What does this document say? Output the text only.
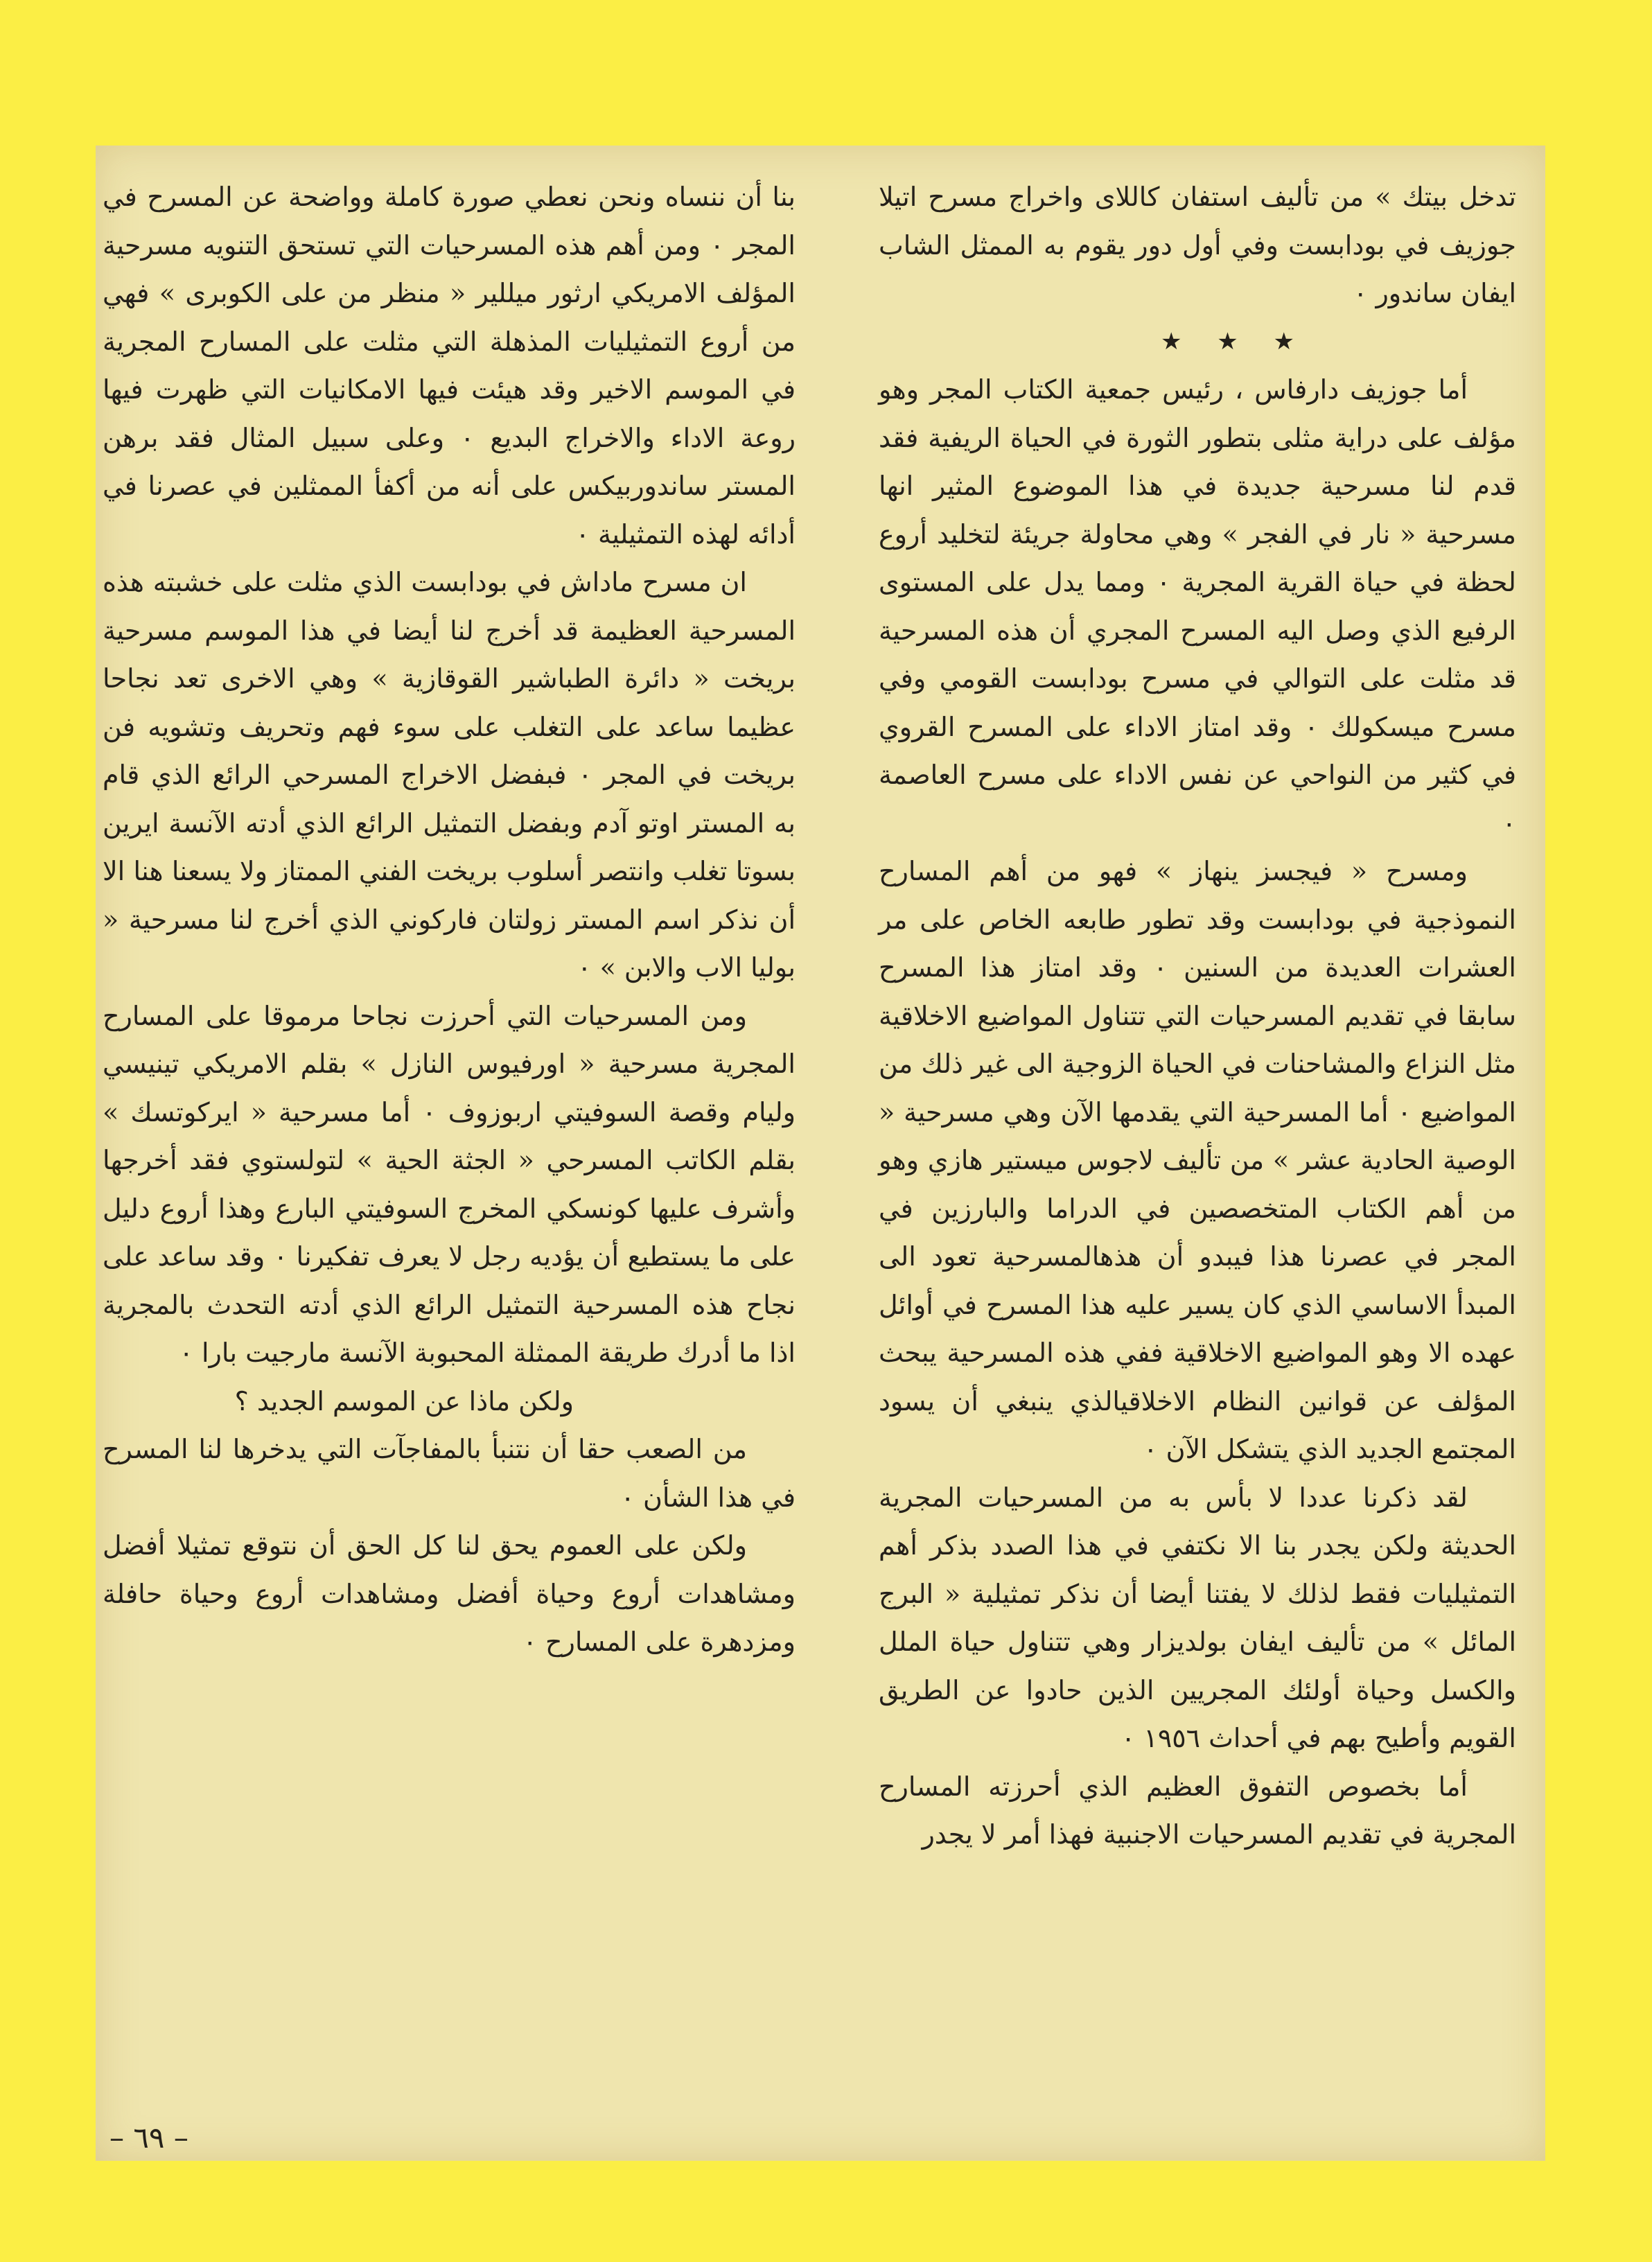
تدخل بيتك » من تأليف استفان كاللاى واخراج مسرح اتيلا جوزيف في بودابست وفي أول دور يقوم به الممثل الشاب ايفان ساندور ٠

★ ★ ★

أما جوزيف دارفاس ، رئيس جمعية الكتاب المجر وهو مؤلف على دراية مثلى بتطور الثورة في الحياة الريفية فقد قدم لنا مسرحية جديدة في هذا الموضوع المثير انها مسرحية « نار في الفجر » وهي محاولة جريئة لتخليد أروع لحظة في حياة القرية المجرية ٠ ومما يدل على المستوى الرفيع الذي وصل اليه المسرح المجري أن هذه المسرحية قد مثلت على التوالي في مسرح بودابست القومي وفي مسرح ميسكولك ٠ وقد امتاز الاداء على المسرح القروي في كثير من النواحي عن نفس الاداء على مسرح العاصمة ٠

ومسرح « فيجسز ينهاز » فهو من أهم المسارح النموذجية في بودابست وقد تطور طابعه الخاص على مر العشرات العديدة من السنين ٠ وقد امتاز هذا المسرح سابقا في تقديم المسرحيات التي تتناول المواضيع الاخلاقية مثل النزاع والمشاحنات في الحياة الزوجية الى غير ذلك من المواضيع ٠ أما المسرحية التي يقدمها الآن وهي مسرحية « الوصية الحادية عشر » من تأليف لاجوس ميستير هازي وهو من أهم الكتاب المتخصصين في الدراما والبارزين في المجر في عصرنا هذا فيبدو أن هذهالمسرحية تعود الى المبدأ الاساسي الذي كان يسير عليه هذا المسرح في أوائل عهده الا وهو المواضيع الاخلاقية ففي هذه المسرحية يبحث المؤلف عن قوانين النظام الاخلاقيالذي ينبغي أن يسود المجتمع الجديد الذي يتشكل الآن ٠

لقد ذكرنا عددا لا بأس به من المسرحيات المجرية الحديثة ولكن يجدر بنا الا نكتفي في هذا الصدد بذكر أهم التمثيليات فقط لذلك لا يفتنا أيضا أن نذكر تمثيلية « البرج المائل » من تأليف ايفان بولديزار وهي تتناول حياة الملل والكسل وحياة أولئك المجريين الذين حادوا عن الطريق القويم وأطيح بهم في أحداث ١٩٥٦ ٠

أما بخصوص التفوق العظيم الذي أحرزته المسارح المجرية في تقديم المسرحيات الاجنبية فهذا أمر لا يجدر

بنا أن ننساه ونحن نعطي صورة كاملة وواضحة عن المسرح في المجر ٠ ومن أهم هذه المسرحيات التي تستحق التنويه مسرحية المؤلف الامريكي ارثور ميللير « منظر من على الكوبرى » فهي من أروع التمثيليات المذهلة التي مثلت على المسارح المجرية في الموسم الاخير وقد هيئت فيها الامكانيات التي ظهرت فيها روعة الاداء والاخراج البديع ٠ وعلى سبيل المثال فقد برهن المستر ساندوربيكس على أنه من أكفأ الممثلين في عصرنا في أدائه لهذه التمثيلية ٠

ان مسرح ماداش في بودابست الذي مثلت على خشبته هذه المسرحية العظيمة قد أخرج لنا أيضا في هذا الموسم مسرحية بريخت « دائرة الطباشير القوقازية » وهي الاخرى تعد نجاحا عظيما ساعد على التغلب على سوء فهم وتحريف وتشويه فن بريخت في المجر ٠ فبفضل الاخراج المسرحي الرائع الذي قام به المستر اوتو آدم وبفضل التمثيل الرائع الذي أدته الآنسة ايرين بسوتا تغلب وانتصر أسلوب بريخت الفني الممتاز ولا يسعنا هنا الا أن نذكر اسم المستر زولتان فاركوني الذي أخرج لنا مسرحية « بوليا الاب والابن » ٠

ومن المسرحيات التي أحرزت نجاحا مرموقا على المسارح المجرية مسرحية « اورفيوس النازل » بقلم الامريكي تينيسي وليام وقصة السوفيتي اربوزوف ٠ أما مسرحية « ايركوتسك » بقلم الكاتب المسرحي « الجثة الحية » لتولستوي فقد أخرجها وأشرف عليها كونسكي المخرج السوفيتي البارع وهذا أروع دليل على ما يستطيع أن يؤديه رجل لا يعرف تفكيرنا ٠ وقد ساعد على نجاح هذه المسرحية التمثيل الرائع الذي أدته التحدث بالمجرية اذا ما أدرك طريقة الممثلة المحبوبة الآنسة مارجيت بارا ٠

ولكن ماذا عن الموسم الجديد ؟

من الصعب حقا أن نتنبأ بالمفاجآت التي يدخرها لنا المسرح في هذا الشأن ٠

ولكن على العموم يحق لنا كل الحق أن نتوقع تمثيلا أفضل ومشاهدات أروع وحياة أفضل ومشاهدات أروع وحياة حافلة ومزدهرة على المسارح ٠

– ٦٩ –
